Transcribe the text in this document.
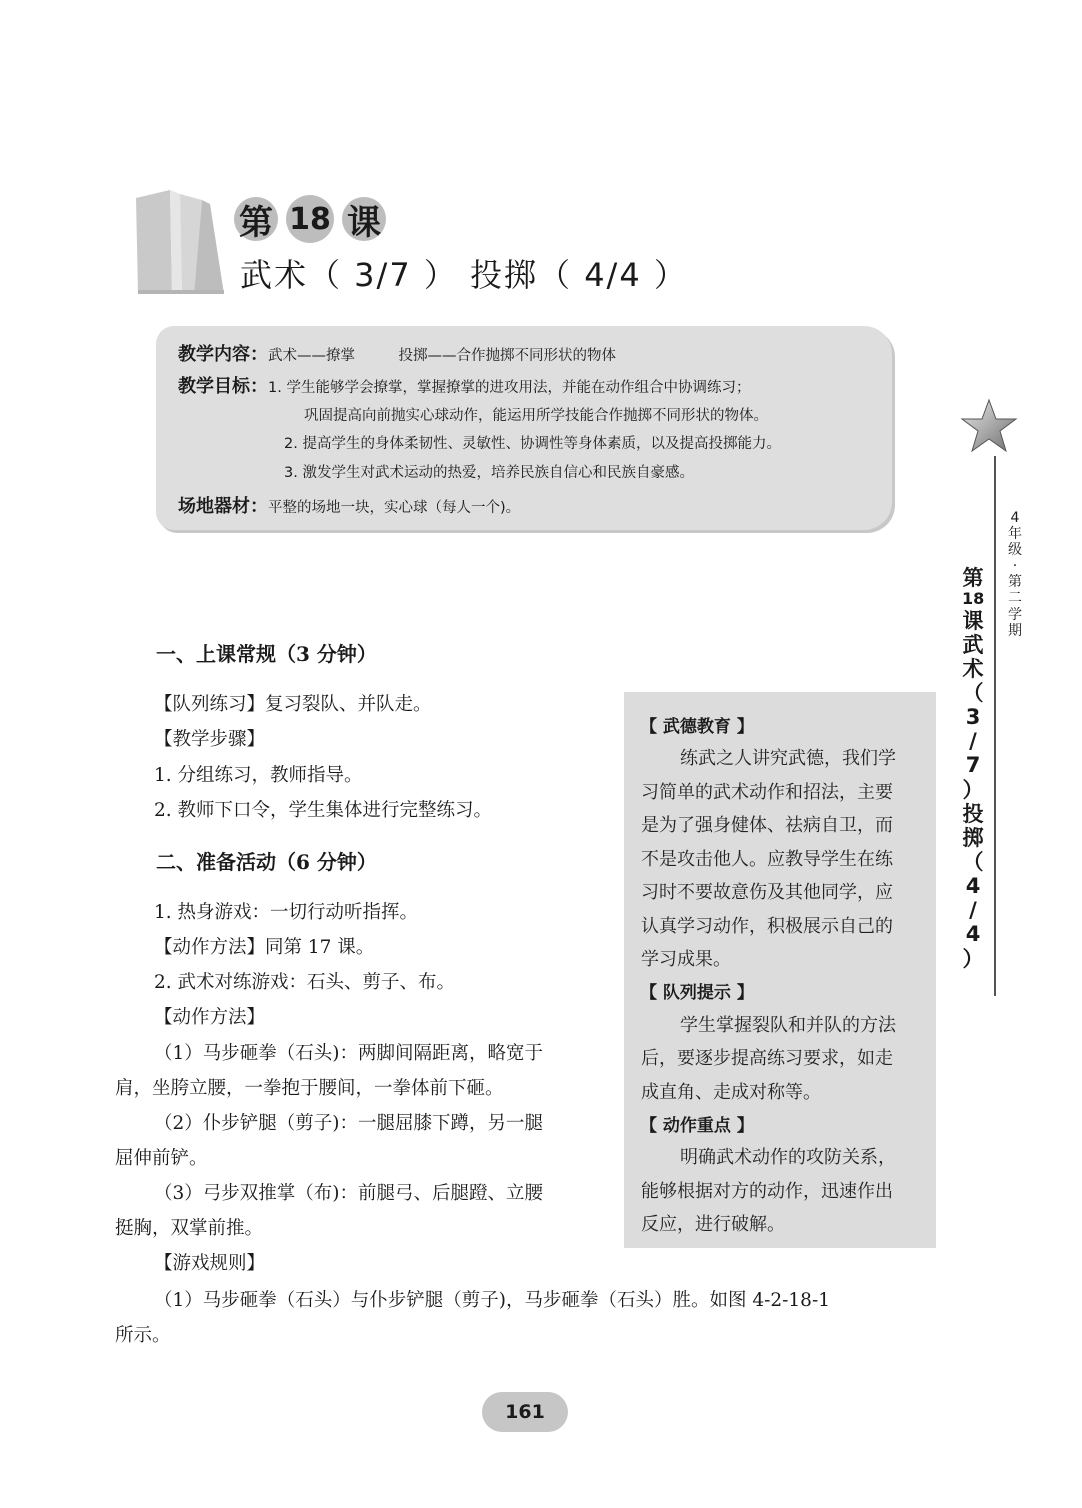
第 18 课
武术（ 3/7 ） 投掷（ 4/4 ）
教学内容：武术——撩掌　　　投掷——合作抛掷不同形状的物体
教学目标：1. 学生能够学会撩掌，掌握撩掌的进攻用法，并能在动作组合中协调练习；
巩固提高向前抛实心球动作，能运用所学技能合作抛掷不同形状的物体。
2. 提高学生的身体柔韧性、灵敏性、协调性等身体素质，以及提高投掷能力。
3. 激发学生对武术运动的热爱，培养民族自信心和民族自豪感。
场地器材：平整的场地一块，实心球（每人一个)。
4
年
级
·
第
二
学
期
第
18
课
武
术
（
3
/
7
）
投
掷
（
4
/
4
）
一、上课常规（3 分钟）
【队列练习】复习裂队、并队走。
【教学步骤】
1. 分组练习，教师指导。
2. 教师下口令，学生集体进行完整练习。
二、准备活动（6 分钟）
1. 热身游戏：一切行动听指挥。
【动作方法】同第 17 课。
2. 武术对练游戏：石头、剪子、布。
【动作方法】
（1）马步砸拳（石头)：两脚间隔距离，略宽于
肩，坐胯立腰，一拳抱于腰间，一拳体前下砸。
（2）仆步铲腿（剪子)：一腿屈膝下蹲，另一腿
屈伸前铲。
（3）弓步双推掌（布)：前腿弓、后腿蹬、立腰
挺胸，双掌前推。
【游戏规则】
（1）马步砸拳（石头）与仆步铲腿（剪子)，马步砸拳（石头）胜。如图 4-2-18-1
所示。
【 武德教育 】
练武之人讲究武德，我们学
习简单的武术动作和招法，主要
是为了强身健体、祛病自卫，而
不是攻击他人。应教导学生在练
习时不要故意伤及其他同学，应
认真学习动作，积极展示自己的
学习成果。
【 队列提示 】
学生掌握裂队和并队的方法
后，要逐步提高练习要求，如走
成直角、走成对称等。
【 动作重点 】
明确武术动作的攻防关系，
能够根据对方的动作，迅速作出
反应，进行破解。
161
